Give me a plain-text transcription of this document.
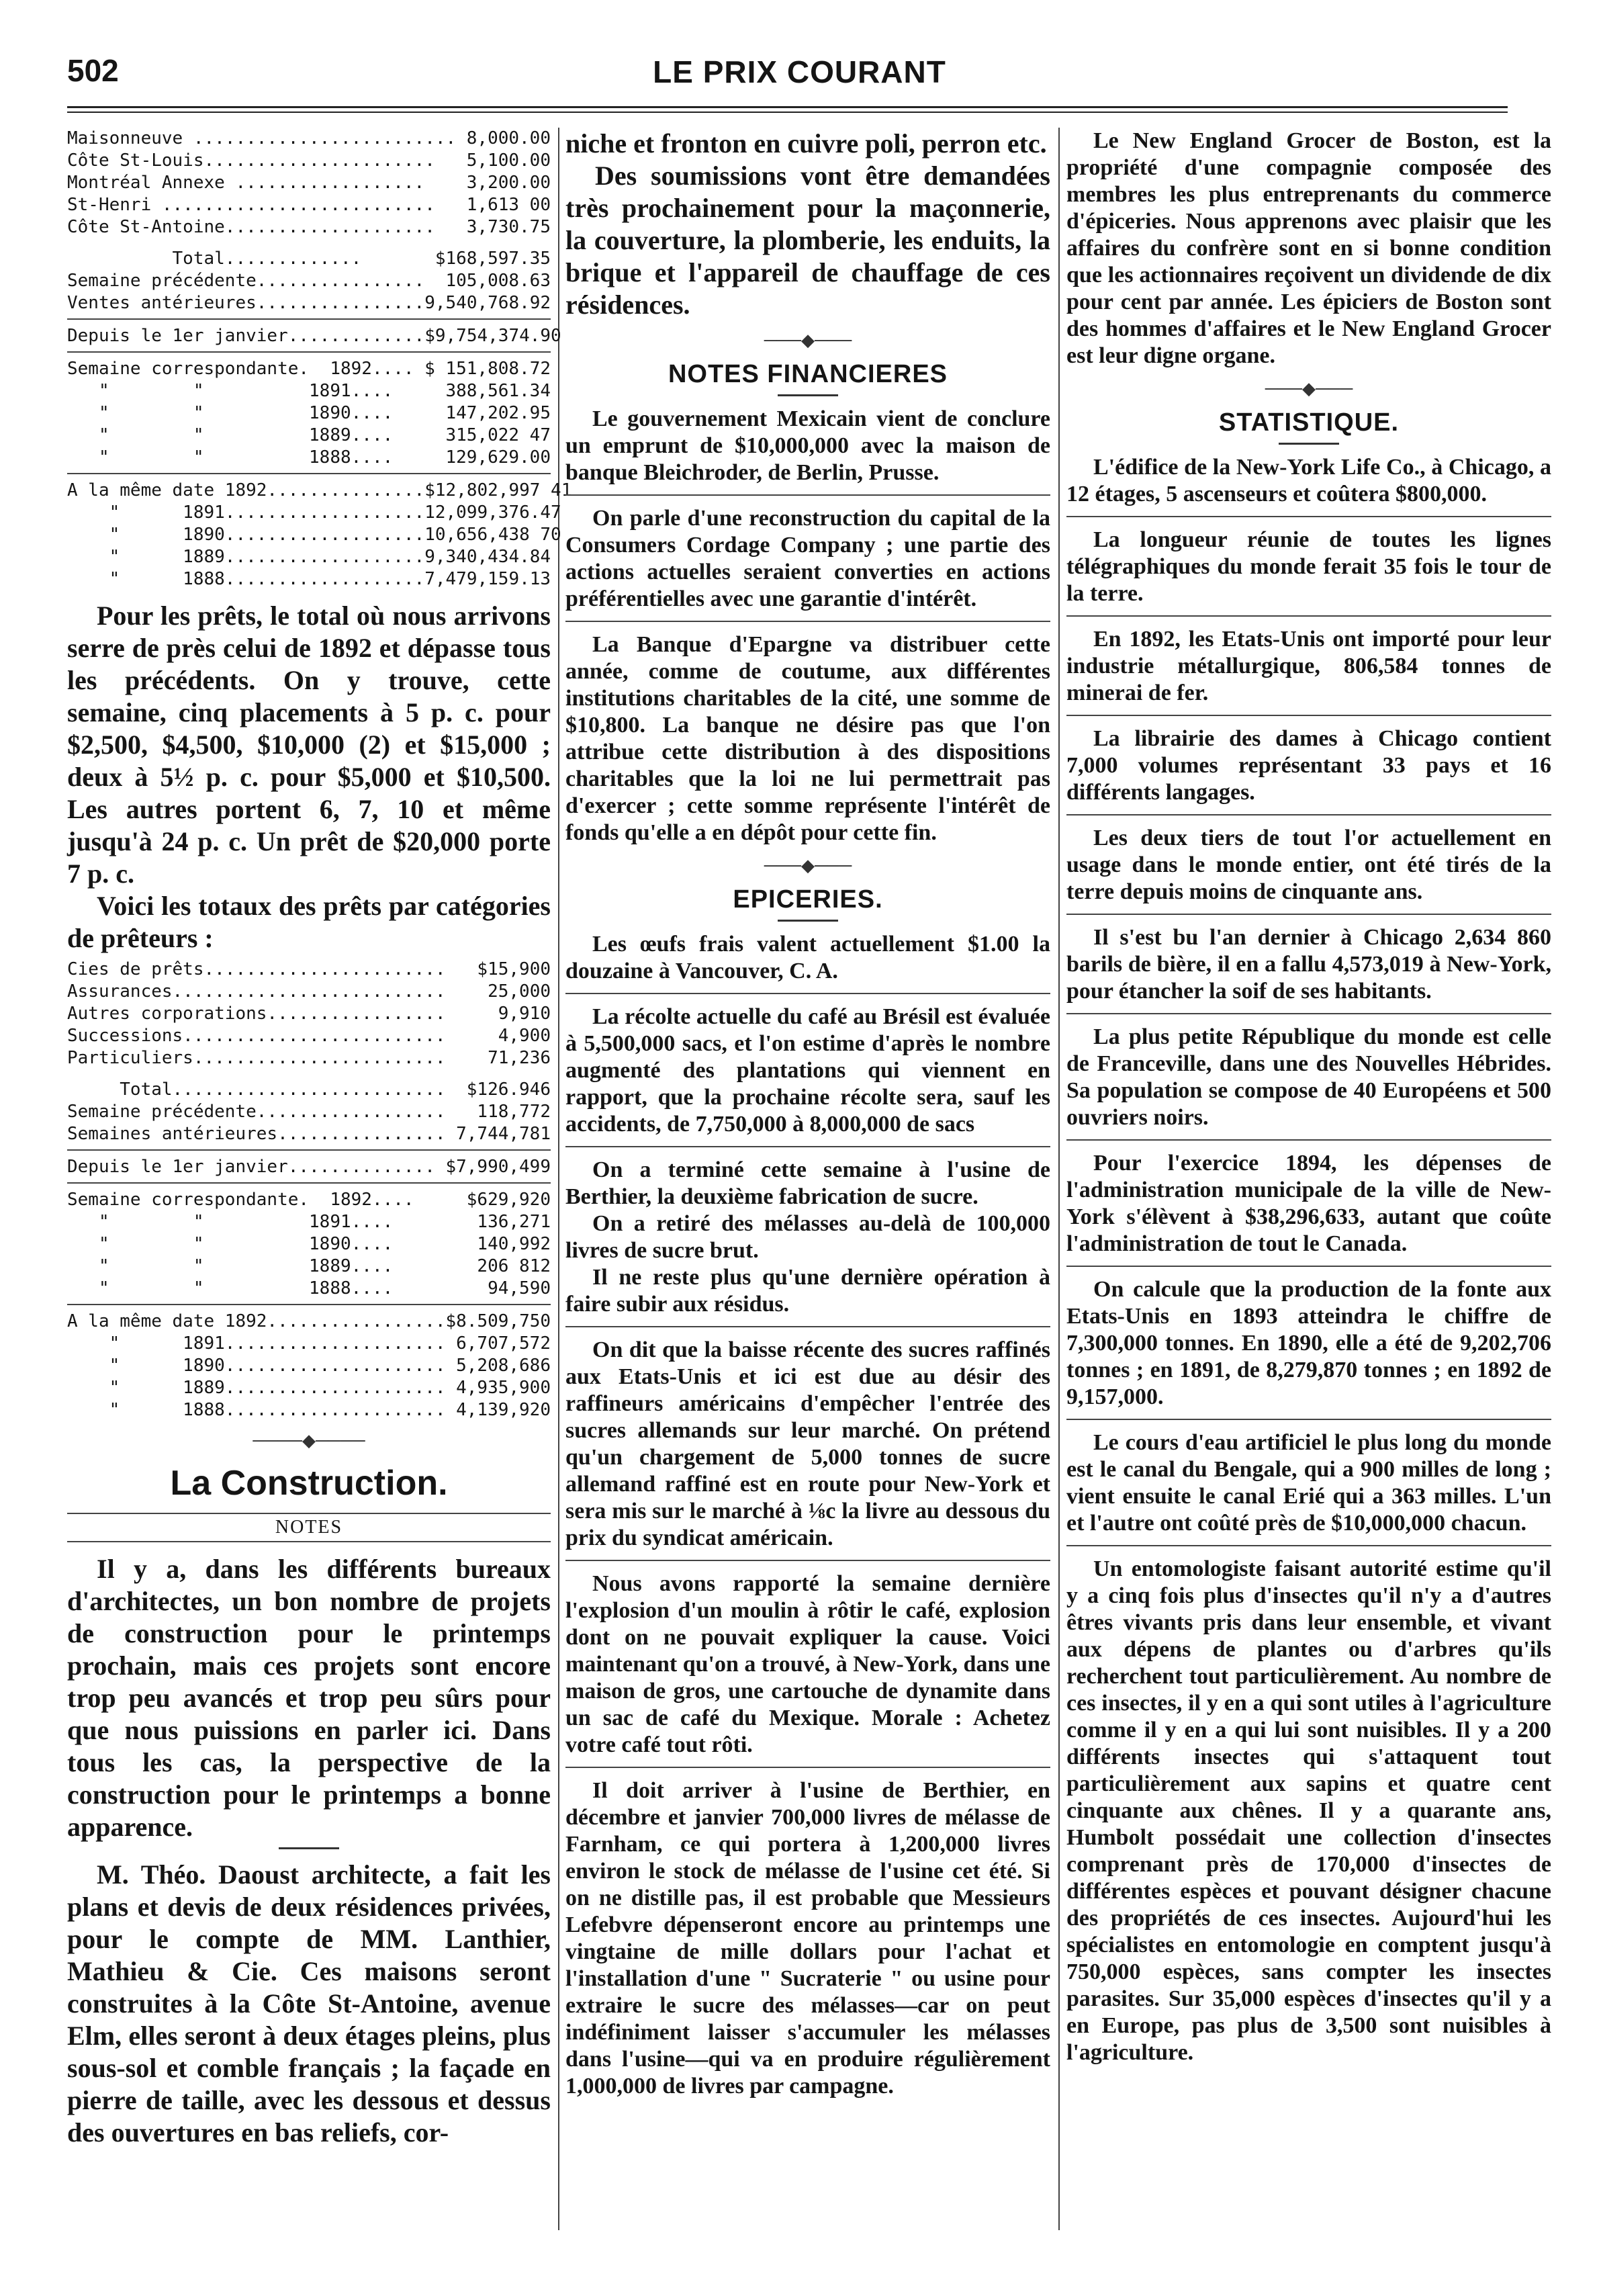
502	LE PRIX COURANT
Maisonneuve ......................... 8,000.00
Côte St-Louis...................... 5,100.00
Montréal Annexe .................. 3,200.00
St-Henri .......................... 1,613 00
Côte St-Antoine.................... 3,730.75
Total.............	$168,597.35
Semaine précédente................ 105,008.63
Ventes antérieures................ 9,540,768.92
Depuis le 1er janvier............. $9,754,374.90
Semaine correspondante.  1892.... $ 151,808.72
"        "          1891....	388,561.34
"        "          1890....	147,202.95
"        "          1889....	315,022 47
"        "          1888....	129,629.00
A la même date 1892............... $12,802,997 41
"      1891................... 12,099,376.47
"      1890................... 10,656,438 70
"      1889................... 9,340,434.84
"      1888................... 7,479,159.13

Pour les prêts, le total où nous arrivons serre de près celui de 1892 et dépasse tous les précédents. On y trouve, cette semaine, cinq placements à 5 p. c. pour $2,500, $4,500, $10,000 (2) et $15,000 ; deux à 5½ p. c. pour $5,000 et $10,500. Les autres portent 6, 7, 10 et même jusqu'à 24 p. c. Un prêt de $20,000 porte 7 p. c.

Voici les totaux des prêts par catégories de prêteurs :

Cies de prêts....................... $15,900
Assurances.......................... 25,000
Autres corporations.................	9,910
Successions.........................	4,900
Particuliers........................ 71,236
Total.......................... $126.946
Semaine précédente.................. 118,772
Semaines antérieures................ 7,744,781
Depuis le 1er janvier.............. $7,990,499
Semaine correspondante.  1892....	$629,920
"        "          1891....	136,271
"        "          1890....	140,992
"        "          1889....	206 812
"        "          1888....	94,590
A la même date 1892................. $8.509,750
"      1891..................... 6,707,572
"      1890..................... 5,208,686
"      1889..................... 4,935,900
"      1888..................... 4,139,920
────◆────
La Construction.
NOTES

Il y a, dans les différents bureaux d'architectes, un bon nombre de projets de construction pour le printemps prochain, mais ces projets sont encore trop peu avancés et trop peu sûrs pour que nous puissions en parler ici. Dans tous les cas, la perspective de la construction pour le printemps a bonne apparence.

M. Théo. Daoust architecte, a fait les plans et devis de deux résidences privées, pour le compte de MM. Lanthier, Mathieu & Cie. Ces maisons seront construites à la Côte St-Antoine, avenue Elm, elles seront à deux étages pleins, plus sous-sol et comble français ; la façade en pierre de taille, avec les dessous et dessus des ouvertures en bas reliefs, cor-

niche et fronton en cuivre poli, perron etc.

Des soumissions vont être demandées très prochainement pour la maçonnerie, la couverture, la plomberie, les enduits, la brique et l'appareil de chauffage de ces résidences.

───◆───
NOTES FINANCIERES

Le gouvernement Mexicain vient de conclure un emprunt de $10,000,000 avec la maison de banque Bleichroder, de Berlin, Prusse.

On parle d'une reconstruction du capital de la Consumers Cordage Company ; une partie des actions actuelles seraient converties en actions préférentielles avec une garantie d'intérêt.

La Banque d'Epargne va distribuer cette année, comme de coutume, aux différentes institutions charitables de la cité, une somme de $10,800. La banque ne désire pas que l'on attribue cette distribution à des dispositions charitables que la loi ne lui permettrait pas d'exercer ; cette somme représente l'intérêt de fonds qu'elle a en dépôt pour cette fin.

───◆───
EPICERIES.

Les œufs frais valent actuellement $1.00 la douzaine à Vancouver, C. A.

La récolte actuelle du café au Brésil est évaluée à 5,500,000 sacs, et l'on estime d'après le nombre augmenté des plantations qui viennent en rapport, que la prochaine récolte sera, sauf les accidents, de 7,750,000 à 8,000,000 de sacs

On a terminé cette semaine à l'usine de Berthier, la deuxième fabrication de sucre.

On a retiré des mélasses au-delà de 100,000 livres de sucre brut.

Il ne reste plus qu'une dernière opération à faire subir aux résidus.

On dit que la baisse récente des sucres raffinés aux Etats-Unis et ici est due au désir des raffineurs américains d'empêcher l'entrée des sucres allemands sur leur marché. On prétend qu'un chargement de 5,000 tonnes de sucre allemand raffiné est en route pour New-York et sera mis sur le marché à ⅛c la livre au dessous du prix du syndicat américain.

Nous avons rapporté la semaine dernière l'explosion d'un moulin à rôtir le café, explosion dont on ne pouvait expliquer la cause. Voici maintenant qu'on a trouvé, à New-York, dans une maison de gros, une cartouche de dynamite dans un sac de café du Mexique. Morale : Achetez votre café tout rôti.

Il doit arriver à l'usine de Berthier, en décembre et janvier 700,000 livres de mélasse de Farnham, ce qui portera à 1,200,000 livres environ le stock de mélasse de l'usine cet été. Si on ne distille pas, il est probable que Messieurs Lefebvre dépenseront encore au printemps une vingtaine de mille dollars pour l'achat et l'installation d'une " Sucraterie " ou usine pour extraire le sucre des mélasses—car on peut indéfiniment laisser s'accumuler les mélasses dans l'usine—qui va en produire régulièrement 1,000,000 de livres par campagne.

Le New England Grocer de Boston, est la propriété d'une compagnie composée des membres les plus entreprenants du commerce d'épiceries. Nous apprenons avec plaisir que les affaires du confrère sont en si bonne condition que les actionnaires reçoivent un dividende de dix pour cent par année. Les épiciers de Boston sont des hommes d'affaires et le New England Grocer est leur digne organe.

───◆───
STATISTIQUE.

L'édifice de la New-York Life Co., à Chicago, a 12 étages, 5 ascenseurs et coûtera $800,000.

La longueur réunie de toutes les lignes télégraphiques du monde ferait 35 fois le tour de la terre.

En 1892, les Etats-Unis ont importé pour leur industrie métallurgique, 806,584 tonnes de minerai de fer.

La librairie des dames à Chicago contient 7,000 volumes représentant 33 pays et 16 différents langages.

Les deux tiers de tout l'or actuellement en usage dans le monde entier, ont été tirés de la terre depuis moins de cinquante ans.

Il s'est bu l'an dernier à Chicago 2,634 860 barils de bière, il en a fallu 4,573,019 à New-York, pour étancher la soif de ses habitants.

La plus petite République du monde est celle de Franceville, dans une des Nouvelles Hébrides. Sa population se compose de 40 Européens et 500 ouvriers noirs.

Pour l'exercice 1894, les dépenses de l'administration municipale de la ville de New-York s'élèvent à $38,296,633, autant que coûte l'administration de tout le Canada.

On calcule que la production de la fonte aux Etats-Unis en 1893 atteindra le chiffre de 7,300,000 tonnes. En 1890, elle a été de 9,202,706 tonnes ; en 1891, de 8,279,870 tonnes ; en 1892 de 9,157,000.

Le cours d'eau artificiel le plus long du monde est le canal du Bengale, qui a 900 milles de long ; vient ensuite le canal Erié qui a 363 milles. L'un et l'autre ont coûté près de $10,000,000 chacun.

Un entomologiste faisant autorité estime qu'il y a cinq fois plus d'insectes qu'il n'y a d'autres êtres vivants pris dans leur ensemble, et vivant aux dépens de plantes ou d'arbres qu'ils recherchent tout particulièrement. Au nombre de ces insectes, il y en a qui sont utiles à l'agriculture comme il y en a qui lui sont nuisibles. Il y a 200 différents insectes qui s'attaquent tout particulièrement aux sapins et quatre cent cinquante aux chênes. Il y a quarante ans, Humbolt possédait une collection d'insectes comprenant près de 170,000 d'insectes de différentes espèces et pouvant désigner chacune des propriétés de ces insectes. Aujourd'hui les spécialistes en entomologie en comptent jusqu'à 750,000 espèces, sans compter les insectes parasites. Sur 35,000 espèces d'insectes qu'il y a en Europe, pas plus de 3,500 sont nuisibles à l'agriculture.
